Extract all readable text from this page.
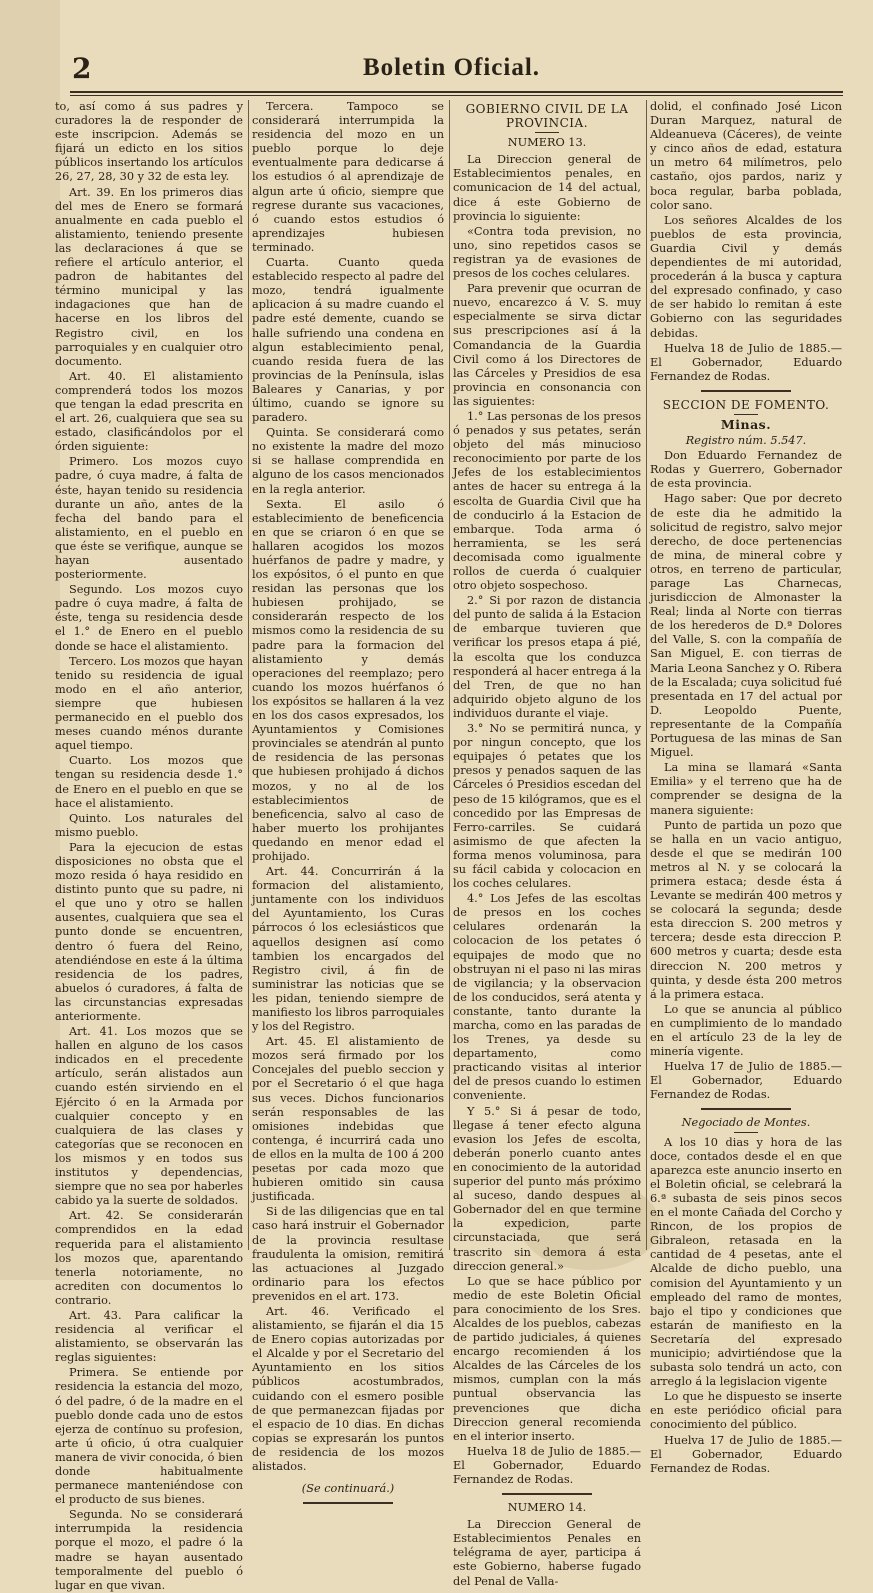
2	Boletin Oficial.

to, así como á sus padres y curadores la de responder de este inscripcion. Además se fijará un edicto en los sitios públicos insertando los artículos 26, 27, 28, 30 y 32 de esta ley.

Art. 39. En los primeros dias del mes de Enero se formará anualmente en cada pueblo el alistamiento, teniendo presente las declaraciones á que se refiere el artículo anterior, el padron de habitantes del término municipal y las indagaciones que han de hacerse en los libros del Registro civil, en los parroquiales y en cualquier otro documento.

Art. 40. El alistamiento comprenderá todos los mozos que tengan la edad prescrita en el art. 26, cualquiera que sea su estado, clasificándolos por el órden siguiente:

Primero. Los mozos cuyo padre, ó cuya madre, á falta de éste, hayan tenido su residencia durante un año, antes de la fecha del bando para el alistamiento, en el pueblo en que éste se verifique, aunque se hayan ausentado posteriormente.

Segundo. Los mozos cuyo padre ó cuya madre, á falta de éste, tenga su residencia desde el 1.° de Enero en el pueblo donde se hace el alistamiento.

Tercero. Los mozos que hayan tenido su residencia de igual modo en el año anterior, siempre que hubiesen permanecido en el pueblo dos meses cuando ménos durante aquel tiempo.

Cuarto. Los mozos que tengan su residencia desde 1.° de Enero en el pueblo en que se hace el alistamiento.

Quinto. Los naturales del mismo pueblo.

Para la ejecucion de estas disposiciones no obsta que el mozo resida ó haya residido en distinto punto que su padre, ni el que uno y otro se hallen ausentes, cualquiera que sea el punto donde se encuentren, dentro ó fuera del Reino, atendiéndose en este á la última residencia de los padres, abuelos ó curadores, á falta de las circunstancias expresadas anteriormente.

Art. 41. Los mozos que se hallen en alguno de los casos indicados en el precedente artículo, serán alistados aun cuando estén sirviendo en el Ejército ó en la Armada por cualquier concepto y en cualquiera de las clases y categorías que se reconocen en los mismos y en todos sus institutos y dependencias, siempre que no sea por haberles cabido ya la suerte de soldados.

Art. 42. Se considerarán comprendidos en la edad requerida para el alistamiento los mozos que, aparentando tenerla notoriamente, no acrediten con documentos lo contrario.

Art. 43. Para calificar la residencia al verificar el alistamiento, se observarán las reglas siguientes:

Primera. Se entiende por residencia la estancia del mozo, ó del padre, ó de la madre en el pueblo donde cada uno de estos ejerza de contínuo su profesion, arte ú oficio, ú otra cualquier manera de vivir conocida, ó bien donde habitualmente permanece manteniéndose con el producto de sus bienes.

Segunda. No se considerará interrumpida la residencia porque el mozo, el padre ó la madre se hayan ausentado temporalmente del pueblo ó lugar en que vivan.

Tercera. Tampoco se considerará interrumpida la residencia del mozo en un pueblo porque lo deje eventualmente para dedicarse á los estudios ó al aprendizaje de algun arte ú oficio, siempre que regrese durante sus vacaciones, ó cuando estos estudios ó aprendizajes hubiesen terminado.

Cuarta. Cuanto queda establecido respecto al padre del mozo, tendrá igualmente aplicacion á su madre cuando el padre esté demente, cuando se halle sufriendo una condena en algun establecimiento penal, cuando resida fuera de las provincias de la Península, islas Baleares y Canarias, y por último, cuando se ignore su paradero.

Quinta. Se considerará como no existente la madre del mozo si se hallase comprendida en alguno de los casos mencionados en la regla anterior.

Sexta. El asilo ó establecimiento de beneficencia en que se criaron ó en que se hallaren acogidos los mozos huérfanos de padre y madre, y los expósitos, ó el punto en que residan las personas que los hubiesen prohijado, se considerarán respecto de los mismos como la residencia de su padre para la formacion del alistamiento y demás operaciones del reemplazo; pero cuando los mozos huérfanos ó los expósitos se hallaren á la vez en los dos casos expresados, los Ayuntamientos y Comisiones provinciales se atendrán al punto de residencia de las personas que hubiesen prohijado á dichos mozos, y no al de los establecimientos de beneficencia, salvo al caso de haber muerto los prohijantes quedando en menor edad el prohijado.

Art. 44. Concurrirán á la formacion del alistamiento, juntamente con los individuos del Ayuntamiento, los Curas párrocos ó los eclesiásticos que aquellos designen así como tambien los encargados del Registro civil, á fin de suministrar las noticias que se les pidan, teniendo siempre de manifiesto los libros parroquiales y los del Registro.

Art. 45. El alistamiento de mozos será firmado por los Concejales del pueblo seccion y por el Secretario ó el que haga sus veces. Dichos funcionarios serán responsables de las omisiones indebidas que contenga, é incurrirá cada uno de ellos en la multa de 100 á 200 pesetas por cada mozo que hubieren omitido sin causa justificada.

Si de las diligencias que en tal caso hará instruir el Gobernador de la provincia resultase fraudulenta la omision, remitirá las actuaciones al Juzgado ordinario para los efectos prevenidos en el art. 173.

Art. 46. Verificado el alistamiento, se fijarán el dia 15 de Enero copias autorizadas por el Alcalde y por el Secretario del Ayuntamiento en los sitios públicos acostumbrados, cuidando con el esmero posible de que permanezcan fijadas por el espacio de 10 dias. En dichas copias se expresarán los puntos de residencia de los mozos alistados.

(Se continuará.)

GOBIERNO CIVIL DE LA PROVINCIA.
NUMERO 13.

La Direccion general de Establecimientos penales, en comunicacion de 14 del actual, dice á este Gobierno de provincia lo siguiente:

«Contra toda prevision, no uno, sino repetidos casos se registran ya de evasiones de presos de los coches celulares.

Para prevenir que ocurran de nuevo, encarezco á V. S. muy especialmente se sirva dictar sus prescripciones así á la Comandancia de la Guardia Civil como á los Directores de las Cárceles y Presidios de esa provincia en consonancia con las siguientes:

1.° Las personas de los presos ó penados y sus petates, serán objeto del más minucioso reconocimiento por parte de los Jefes de los establecimientos antes de hacer su entrega á la escolta de Guardia Civil que ha de conducirlo á la Estacion de embarque. Toda arma ó herramienta, se les será decomisada como igualmente rollos de cuerda ó cualquier otro objeto sospechoso.

2.° Si por razon de distancia del punto de salida á la Estacion de embarque tuvieren que verificar los presos etapa á pié, la escolta que los conduzca responderá al hacer entrega á la del Tren, de que no han adquirido objeto alguno de los individuos durante el viaje.

3.° No se permitirá nunca, y por ningun concepto, que los equipajes ó petates que los presos y penados saquen de las Cárceles ó Presidios escedan del peso de 15 kilógramos, que es el concedido por las Empresas de Ferro-carriles. Se cuidará asimismo de que afecten la forma menos voluminosa, para su fácil cabida y colocacion en los coches celulares.

4.° Los Jefes de las escoltas de presos en los coches celulares ordenarán la colocacion de los petates ó equipajes de modo que no obstruyan ni el paso ni las miras de vigilancia; y la observacion de los conducidos, será atenta y constante, tanto durante la marcha, como en las paradas de los Trenes, ya desde su departamento, como practicando visitas al interior del de presos cuando lo estimen conveniente.

Y 5.° Si á pesar de todo, llegase á tener efecto alguna evasion los Jefes de escolta, deberán ponerlo cuanto antes en conocimiento de la autoridad superior del punto más próximo al suceso, dando despues al Gobernador del en que termine la expedicion, parte circunstaciada, que será trascrito sin demora á esta direccion general.»

Lo que se hace público por medio de este Boletin Oficial para conocimiento de los Sres. Alcaldes de los pueblos, cabezas de partido judiciales, á quienes encargo recomienden á los Alcaldes de las Cárceles de los mismos, cumplan con la más puntual observancia las prevenciones que dicha Direccion general recomienda en el interior inserto.

Huelva 18 de Julio de 1885.—El Gobernador, Eduardo Fernandez de Rodas.

NUMERO 14.

La Direccion General de Establecimientos Penales en telégrama de ayer, participa á este Gobierno, haberse fugado del Penal de Valla-

dolid, el confinado José Licon Duran Marquez, natural de Aldeanueva (Cáceres), de veinte y cinco años de edad, estatura un metro 64 milímetros, pelo castaño, ojos pardos, nariz y boca regular, barba poblada, color sano.

Los señores Alcaldes de los pueblos de esta provincia, Guardia Civil y demás dependientes de mi autoridad, procederán á la busca y captura del expresado confinado, y caso de ser habido lo remitan á este Gobierno con las seguridades debidas.

Huelva 18 de Julio de 1885.—El Gobernador, Eduardo Fernandez de Rodas.

SECCION DE FOMENTO.
Minas.

Registro núm. 5.547.

Don Eduardo Fernandez de Rodas y Guerrero, Gobernador de esta provincia.

Hago saber: Que por decreto de este dia he admitido la solicitud de registro, salvo mejor derecho, de doce pertenencias de mina, de mineral cobre y otros, en terreno de particular, parage Las Charnecas, jurisdiccion de Almonaster la Real; linda al Norte con tierras de los herederos de D.ª Dolores del Valle, S. con la compañía de San Miguel, E. con tierras de Maria Leona Sanchez y O. Ribera de la Escalada; cuya solicitud fué presentada en 17 del actual por D. Leopoldo Puente, representante de la Compañía Portuguesa de las minas de San Miguel.

La mina se llamará «Santa Emilia» y el terreno que ha de comprender se designa de la manera siguiente:

Punto de partida un pozo que se halla en un vacio antiguo, desde el que se medirán 100 metros al N. y se colocará la primera estaca; desde ésta á Levante se medirán 400 metros y se colocará la segunda; desde esta direccion S. 200 metros y tercera; desde esta direccion P. 600 metros y cuarta; desde esta direccion N. 200 metros y quinta, y desde ésta 200 metros á la primera estaca.

Lo que se anuncia al público en cumplimiento de lo mandado en el artículo 23 de la ley de minería vigente.

Huelva 17 de Julio de 1885.—El Gobernador, Eduardo Fernandez de Rodas.

Negociado de Montes.

A los 10 dias y hora de las doce, contados desde el en que aparezca este anuncio inserto en el Boletin oficial, se celebrará la 6.ª subasta de seis pinos secos en el monte Cañada del Corcho y Rincon, de los propios de Gibraleon, retasada en la cantidad de 4 pesetas, ante el Alcalde de dicho pueblo, una comision del Ayuntamiento y un empleado del ramo de montes, bajo el tipo y condiciones que estarán de manifiesto en la Secretaría del expresado municipio; advirtiéndose que la subasta solo tendrá un acto, con arreglo á la legislacion vigente

Lo que he dispuesto se inserte en este periódico oficial para conocimiento del público.

Huelva 17 de Julio de 1885.—El Gobernador, Eduardo Fernandez de Rodas.
